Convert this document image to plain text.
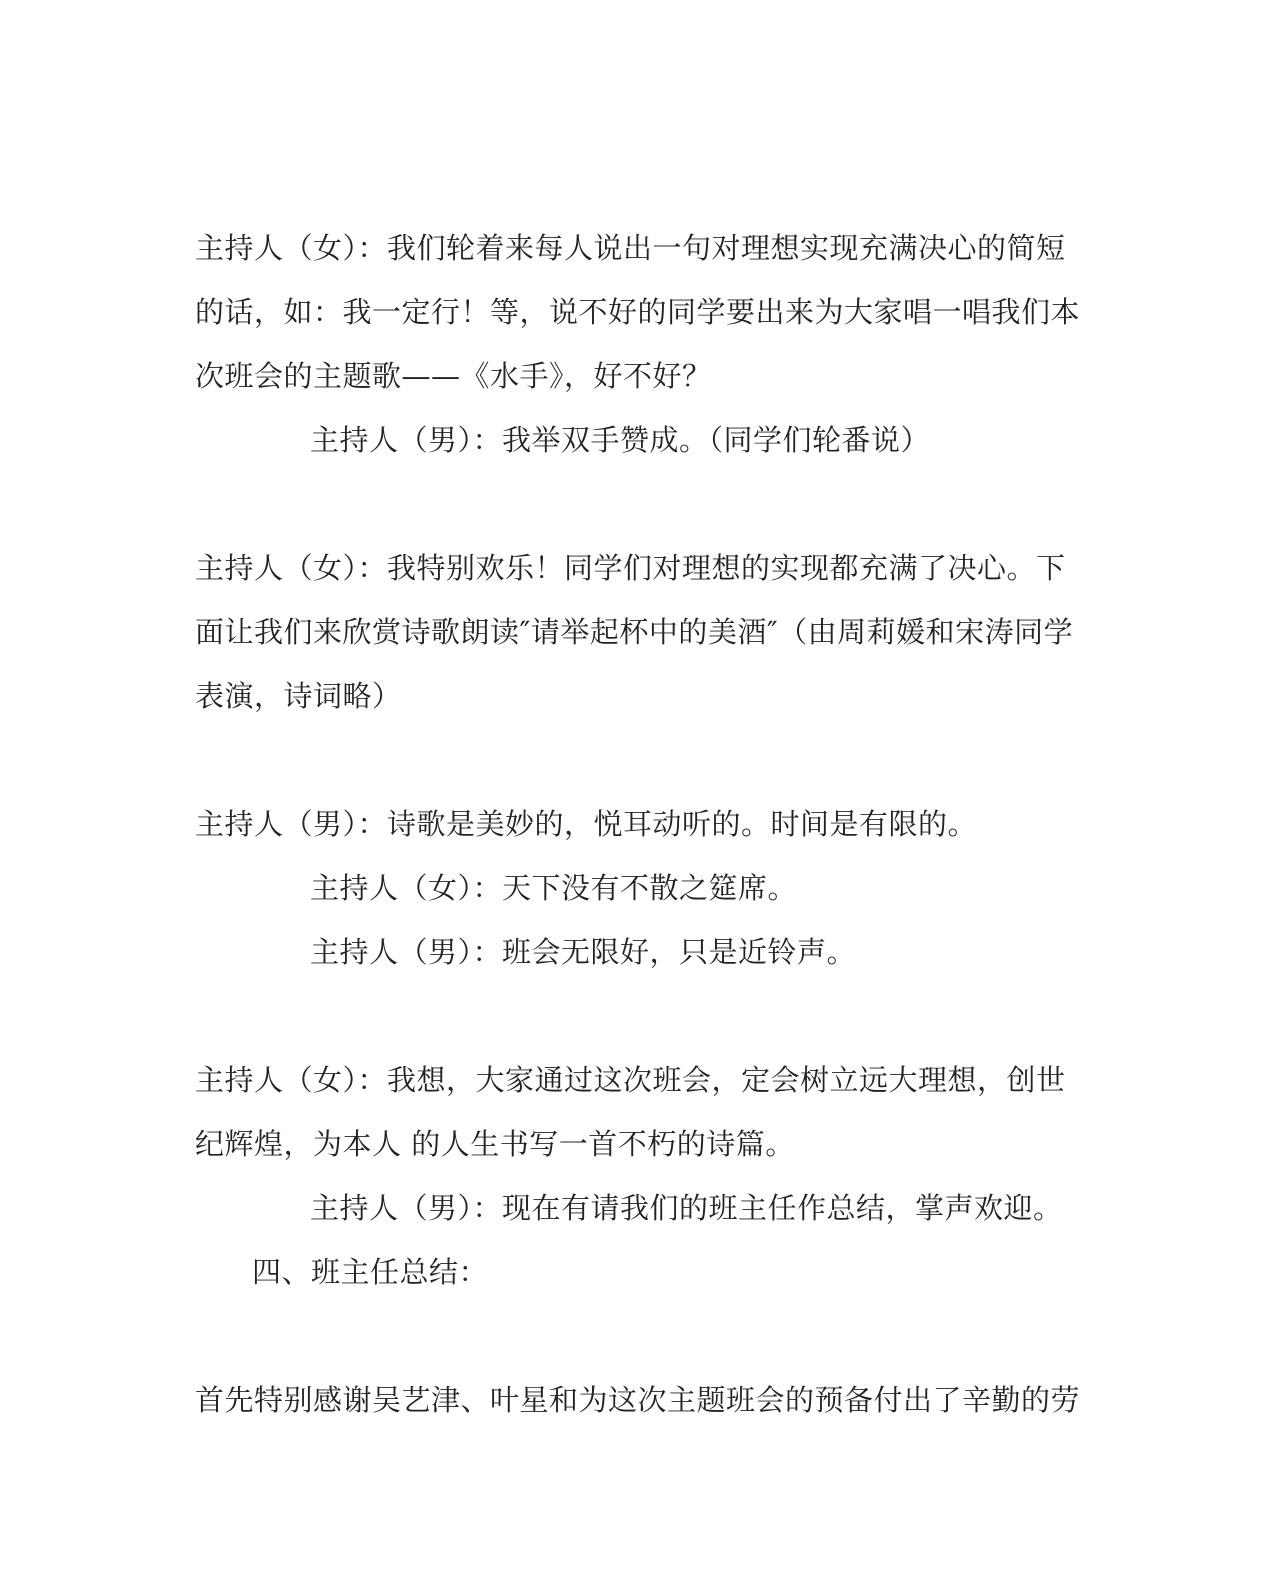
主持人（女）：我们轮着来每人说出一句对理想实现充满决心的简短
的话，如：我一定行！等，说不好的同学要出来为大家唱一唱我们本
次班会的主题歌——《水手》，好不好？
主持人（男）：我举双手赞成。（同学们轮番说）
主持人（女）：我特别欢乐！同学们对理想的实现都充满了决心。下
面让我们来欣赏诗歌朗读″请举起杯中的美酒″（由周莉媛和宋涛同学
表演，诗词略）
主持人（男）：诗歌是美妙的，悦耳动听的。时间是有限的。
主持人（女）：天下没有不散之筵席。
主持人（男）：班会无限好，只是近铃声。
主持人（女）：我想，大家通过这次班会，定会树立远大理想，创世
纪辉煌，为本人 的人生书写一首不朽的诗篇。
主持人（男）：现在有请我们的班主任作总结，掌声欢迎。
四、班主任总结：
首先特别感谢吴艺津、叶星和为这次主题班会的预备付出了辛勤的劳
